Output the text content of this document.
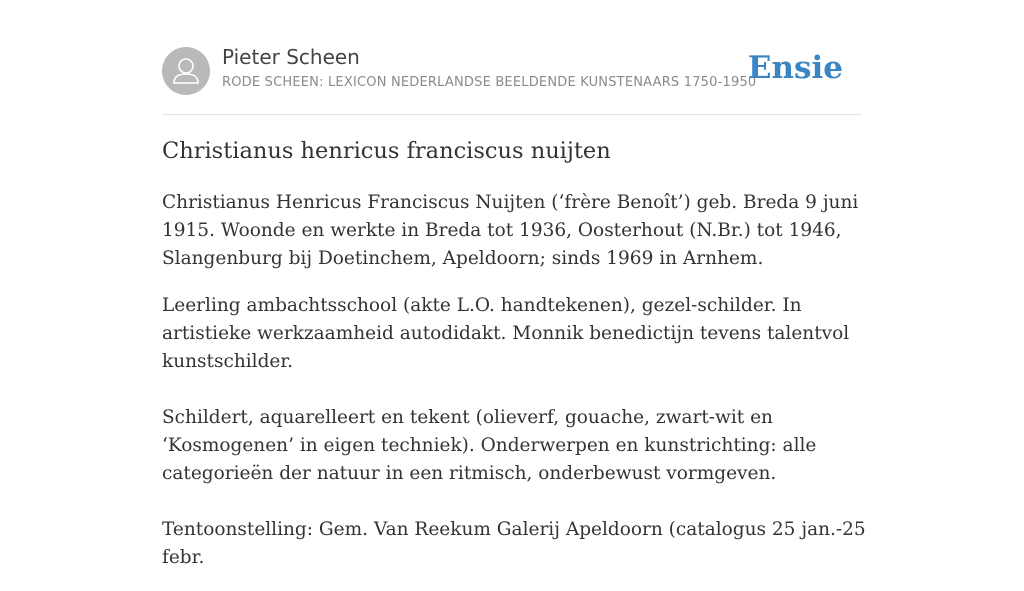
Pieter Scheen
RODE SCHEEN: LEXICON NEDERLANDSE BEELDENDE KUNSTENAARS 1750-1950
Ensie
Christianus henricus franciscus nuijten

Christianus Henricus Franciscus Nuijten (‘frère Benoît’) geb. Breda 9 juni 1915. Woonde en werkte in Breda tot 1936, Oosterhout (N.Br.) tot 1946, Slangenburg bij Doetinchem, Apeldoorn; sinds 1969 in Arnhem.

Leerling ambachtsschool (akte L.O. handtekenen), gezel-schilder. In artistieke werkzaamheid autodidakt. Monnik benedictijn tevens talentvol kunstschilder.

Schildert, aquarelleert en tekent (olieverf, gouache, zwart-wit en ‘Kosmogenen’ in eigen techniek). Onderwerpen en kunstrichting: alle categorieën der natuur in een ritmisch, onderbewust vormgeven.

Tentoonstelling: Gem. Van Reekum Galerij Apeldoorn (catalogus 25 jan.-25 febr.
